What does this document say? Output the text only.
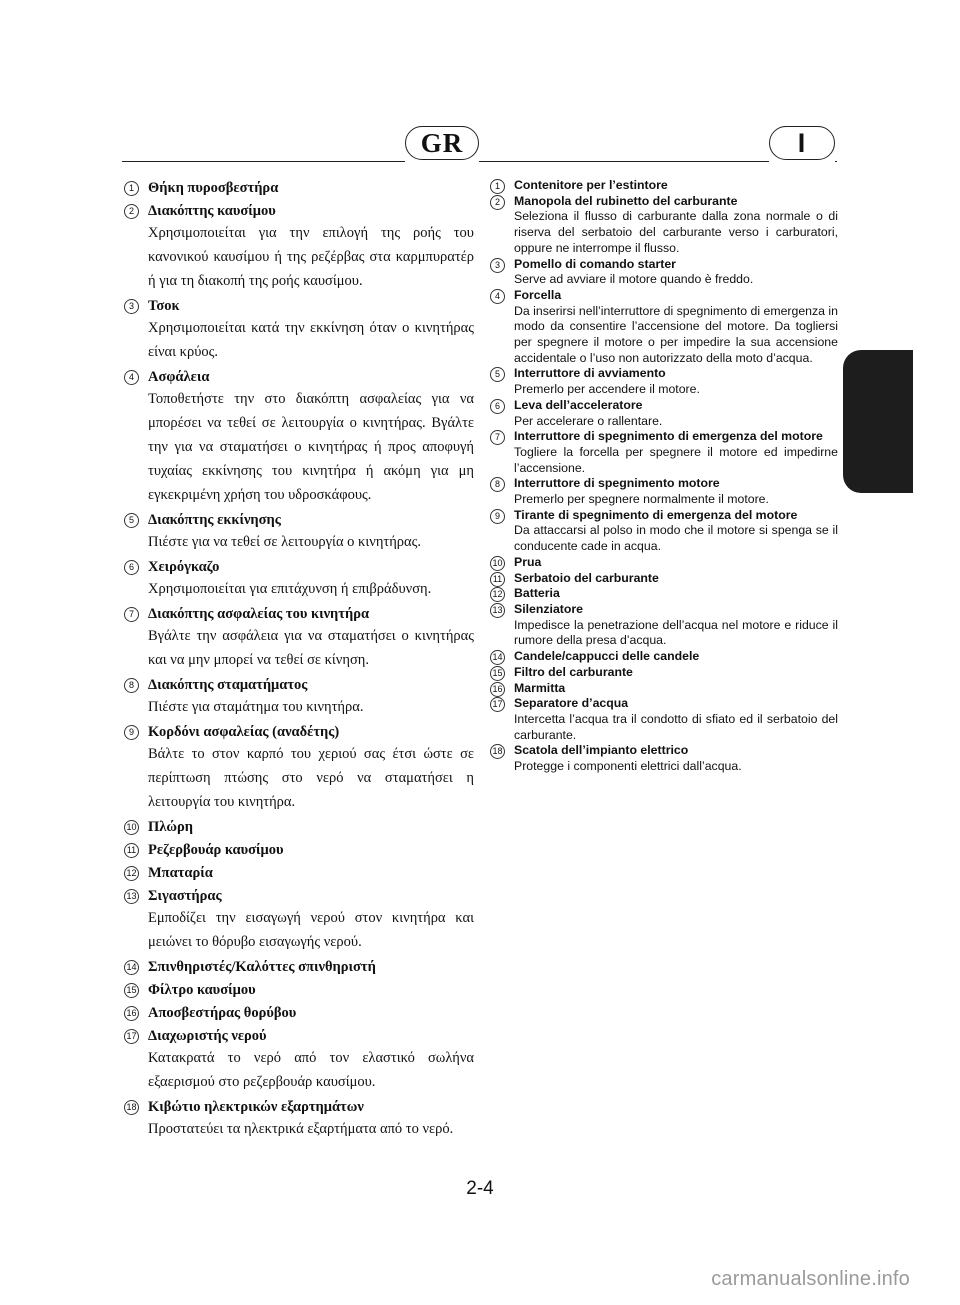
GR	I
1 Θήκη πυροσβεστήρα
2 Διακόπτης καυσίμου
Χρησιμοποιείται για την επιλογή της ροής του κανονικού καυσίμου ή της ρεζέρβας στα καρμπυρατέρ ή για τη διακοπή της ροής καυσίμου.
3 Τσοκ
Χρησιμοποιείται κατά την εκκίνηση όταν ο κινητήρας είναι κρύος.
4 Ασφάλεια
Τοποθετήστε την στο διακόπτη ασφαλείας για να μπορέσει να τεθεί σε λειτουργία ο κινητήρας. Βγάλτε την για να σταματήσει ο κινητήρας ή προς αποφυγή τυχαίας εκκίνησης του κινητήρα ή ακόμη για μη εγκεκριμένη χρήση του υδροσκάφους.
5 Διακόπτης εκκίνησης
Πιέστε για να τεθεί σε λειτουργία ο κινητήρας.
6 Χειρόγκαζο
Χρησιμοποιείται για επιτάχυνση ή επιβράδυνση.
7 Διακόπτης ασφαλείας του κινητήρα
Βγάλτε την ασφάλεια για να σταματήσει ο κινητήρας και να μην μπορεί να τεθεί σε κίνηση.
8 Διακόπτης σταματήματος
Πιέστε για σταμάτημα του κινητήρα.
9 Κορδόνι ασφαλείας (αναδέτης)
Βάλτε το στον καρπό του χεριού σας έτσι ώστε σε περίπτωση πτώσης στο νερό να σταματήσει η λειτουργία του κινητήρα.
10 Πλώρη
11 Ρεζερβουάρ καυσίμου
12 Μπαταρία
13 Σιγαστήρας
Εμποδίζει την εισαγωγή νερού στον κινητήρα και μειώνει το θόρυβο εισαγωγής νερού.
14 Σπινθηριστές/Καλόττες σπινθηριστή
15 Φίλτρο καυσίμου
16 Αποσβεστήρας θορύβου
17 Διαχωριστής νερού
Κατακρατά το νερό από τον ελαστικό σωλήνα εξαερισμού στο ρεζερβουάρ καυσίμου.
18 Κιβώτιο ηλεκτρικών εξαρτημάτων
Προστατεύει τα ηλεκτρικά εξαρτήματα από το νερό.
1	Contenitore per l’estintore
2	Manopola del rubinetto del carburante
Seleziona il flusso di carburante dalla zona normale o di riserva del serbatoio del carburante verso i carburatori, oppure ne interrompe il flusso.
3	Pomello di comando starter
Serve ad avviare il motore quando è freddo.
4	Forcella
Da inserirsi nell’interruttore di spegnimento di emergenza in modo da consentire l’accensione del motore. Da togliersi per spegnere il motore o per impedire la sua accensione accidentale o l’uso non autorizzato della moto d’acqua.
5	Interruttore di avviamento
Premerlo per accendere il motore.
6	Leva dell’acceleratore
Per accelerare o rallentare.
7	Interruttore di spegnimento di emergenza del motore
Togliere la forcella per spegnere il motore ed impedirne l’accensione.
8	Interruttore di spegnimento motore
Premerlo per spegnere normalmente il motore.
9	Tirante di spegnimento di emergenza del motore
Da attaccarsi al polso in modo che il motore si spenga se il conducente cade in acqua.
10 Prua
11 Serbatoio del carburante
12 Batteria
13 Silenziatore
Impedisce la penetrazione dell’acqua nel motore e riduce il rumore della presa d’acqua.
14 Candele/cappucci delle candele
15 Filtro del carburante
16 Marmitta
17 Separatore d’acqua
Intercetta l’acqua tra il condotto di sfiato ed il serbatoio del carburante.
18 Scatola dell’impianto elettrico
Protegge i componenti elettrici dall’acqua.
2-4
carmanualsonline.info
